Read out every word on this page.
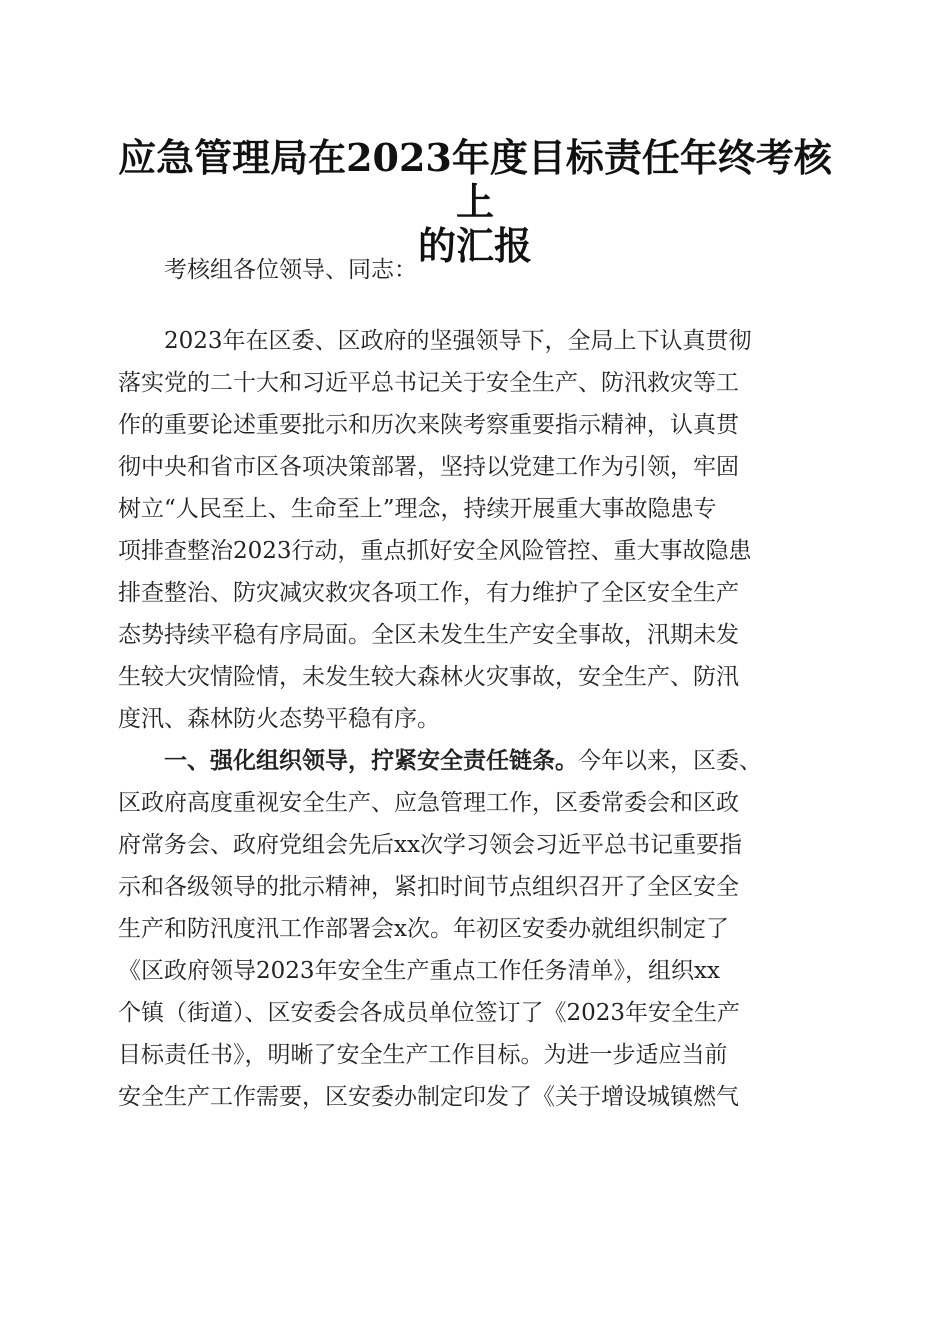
应急管理局在2023年度目标责任年终考核上
的汇报
考核组各位领导、同志：
2023年在区委、区政府的坚强领导下，全局上下认真贯彻
落实党的二十大和习近平总书记关于安全生产、防汛救灾等工
作的重要论述重要批示和历次来陕考察重要指示精神，认真贯
彻中央和省市区各项决策部署，坚持以党建工作为引领，牢固
树立“人民至上、生命至上”理念，持续开展重大事故隐患专
项排查整治2023行动，重点抓好安全风险管控、重大事故隐患
排查整治、防灾减灾救灾各项工作，有力维护了全区安全生产
态势持续平稳有序局面。全区未发生生产安全事故，汛期未发
生较大灾情险情，未发生较大森林火灾事故，安全生产、防汛
度汛、森林防火态势平稳有序。
一、强化组织领导，拧紧安全责任链条。今年以来，区委、
区政府高度重视安全生产、应急管理工作，区委常委会和区政
府常务会、政府党组会先后xx次学习领会习近平总书记重要指
示和各级领导的批示精神，紧扣时间节点组织召开了全区安全
生产和防汛度汛工作部署会x次。年初区安委办就组织制定了
《区政府领导2023年安全生产重点工作任务清单》，组织xx
个镇（街道）、区安委会各成员单位签订了《2023年安全生产
目标责任书》，明晰了安全生产工作目标。为进一步适应当前
安全生产工作需要，区安委办制定印发了《关于增设城镇燃气
